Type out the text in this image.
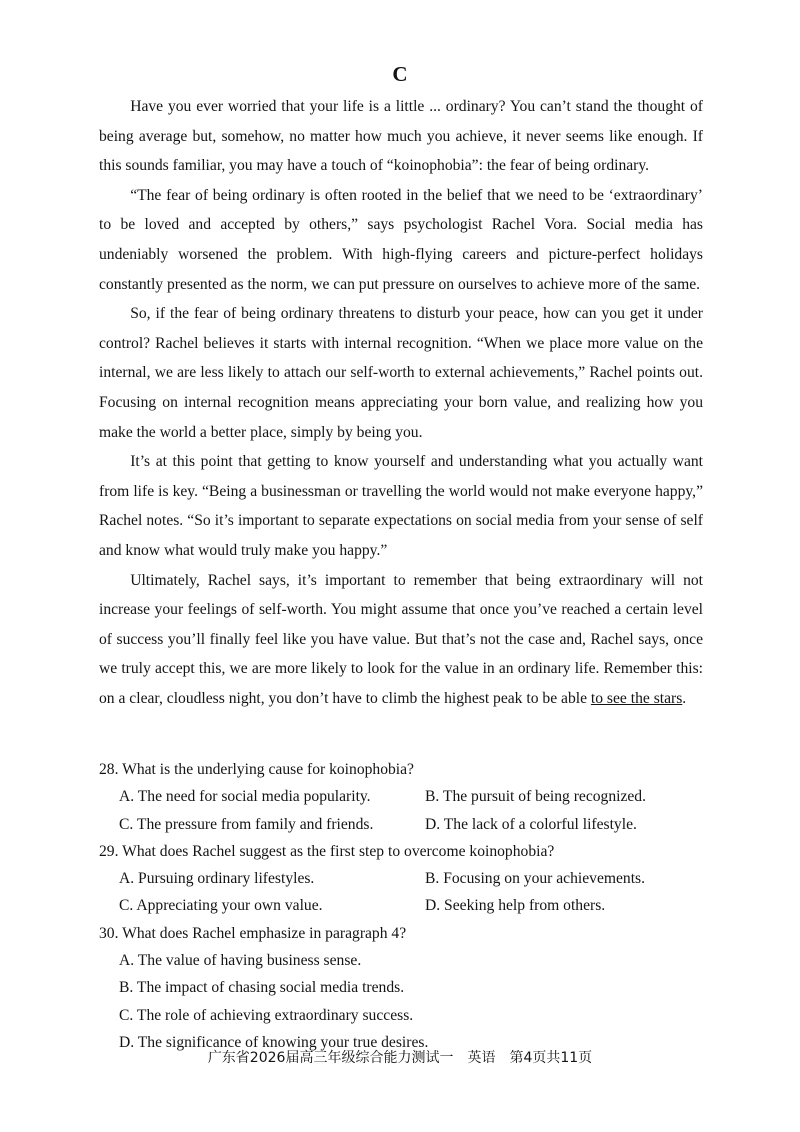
C

Have you ever worried that your life is a little ... ordinary? You can’t stand the thought of being average but, somehow, no matter how much you achieve, it never seems like enough. If this sounds familiar, you may have a touch of “koinophobia”: the fear of being ordinary.

“The fear of being ordinary is often rooted in the belief that we need to be ‘extraordinary’ to be loved and accepted by others,” says psychologist Rachel Vora. Social media has undeniably worsened the problem. With high-flying careers and picture-perfect holidays constantly presented as the norm, we can put pressure on ourselves to achieve more of the same.

So, if the fear of being ordinary threatens to disturb your peace, how can you get it under control? Rachel believes it starts with internal recognition. “When we place more value on the internal, we are less likely to attach our self-worth to external achievements,” Rachel points out. Focusing on internal recognition means appreciating your born value, and realizing how you make the world a better place, simply by being you.

It’s at this point that getting to know yourself and understanding what you actually want from life is key. “Being a businessman or travelling the world would not make everyone happy,” Rachel notes. “So it’s important to separate expectations on social media from your sense of self and know what would truly make you happy.”

Ultimately, Rachel says, it’s important to remember that being extraordinary will not increase your feelings of self-worth. You might assume that once you’ve reached a certain level of success you’ll finally feel like you have value. But that’s not the case and, Rachel says, once we truly accept this, we are more likely to look for the value in an ordinary life. Remember this: on a clear, cloudless night, you don’t have to climb the highest peak to be able to see the stars.

28. What is the underlying cause for koinophobia?

A. The need for social media popularity.	B. The pursuit of being recognized.
C. The pressure from family and friends.	D. The lack of a colorful lifestyle.

29. What does Rachel suggest as the first step to overcome koinophobia?

A. Pursuing ordinary lifestyles.	B. Focusing on your achievements.
C. Appreciating your own value.	D. Seeking help from others.

30. What does Rachel emphasize in paragraph 4?

A. The value of having business sense.
B. The impact of chasing social media trends.
C. The role of achieving extraordinary success.
D. The significance of knowing your true desires.
广东省2026届高三年级综合能力测试一　英语　第4页共11页
